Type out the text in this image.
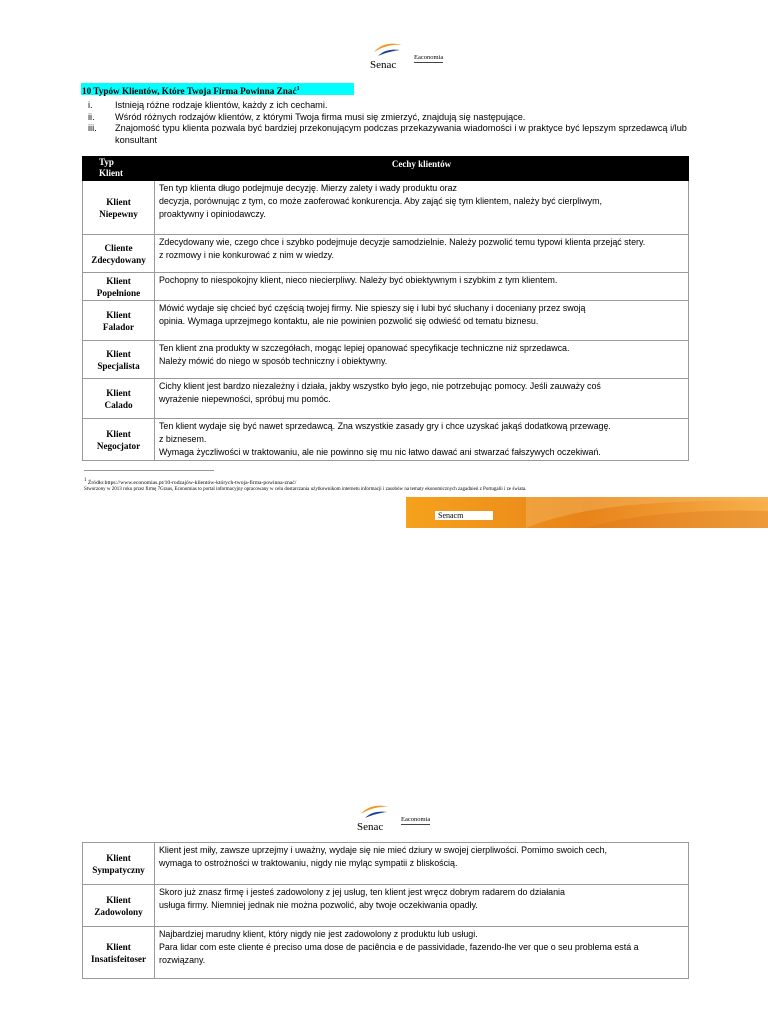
Senac
Eaconomia
10 Typów Klientów, Które Twoja Firma Powinna Znać$^1$
i. Istnieją różne rodzaje klientów, każdy z ich cechami.
ii. Wśród różnych rodzajów klientów, z którymi Twoja firma musi się zmierzyć, znajdują się następujące.
iii. Znajomość typu klienta pozwala być bardziej przekonującym podczas przekazywania wiadomości i w praktyce być lepszym sprzedawcą i/lub konsultant
Typ
Klient	Cechy klientów
Klient
Niepewny	Ten typ klienta długo podejmuje decyzję. Mierzy zalety i wady produktu oraz
decyzja, porównując z tym, co może zaoferować konkurencja. Aby zająć się tym klientem, należy być cierpliwym,
proaktywny i opiniodawczy.
Cliente
Zdecydowany	Zdecydowany wie, czego chce i szybko podejmuje decyzje samodzielnie. Należy pozwolić temu typowi klienta przejąć stery.
z rozmowy i nie konkurować z nim w wiedzy.
Klient
Popełnione	Pochopny to niespokojny klient, nieco niecierpliwy. Należy być obiektywnym i szybkim z tym klientem.
Klient
Falador	Mówić wydaje się chcieć być częścią twojej firmy. Nie spieszy się i lubi być słuchany i doceniany przez swoją
opinia. Wymaga uprzejmego kontaktu, ale nie powinien pozwolić się odwieść od tematu biznesu.
Klient
Specjalista	Ten klient zna produkty w szczegółach, mogąc lepiej opanować specyfikacje techniczne niż sprzedawca.
Należy mówić do niego w sposób techniczny i obiektywny.
Klient
Calado	Cichy klient jest bardzo niezależny i działa, jakby wszystko było jego, nie potrzebując pomocy. Jeśli zauważy coś
wyrażenie niepewności, spróbuj mu pomóc.
Klient
Negocjator	Ten klient wydaje się być nawet sprzedawcą. Zna wszystkie zasady gry i chce uzyskać jakąś dodatkową przewagę.
z biznesem.
Wymaga życzliwości w traktowaniu, ale nie powinno się mu nic łatwo dawać ani stwarzać fałszywych oczekiwań.
$^1$ Źródło:https://www.economias.pt/10-rodzajów-klientów-których-twoja-firma-powinna-znać/
Stworzony w 2013 roku przez firmę 7Graus, Economias to portal informacyjny opracowany w celu dostarczania użytkownikom internetu informacji i zasobów na tematy ekonomicznych zagadnień z Portugalii i ze świata.
Senacm
Senac
Eaconomia
Klient
Sympatyczny	Klient jest miły, zawsze uprzejmy i uważny, wydaje się nie mieć dziury w swojej cierpliwości. Pomimo swoich cech,
wymaga to ostrożności w traktowaniu, nigdy nie myląc sympatii z bliskością.
Klient
Zadowolony	Skoro już znasz firmę i jesteś zadowolony z jej usług, ten klient jest wręcz dobrym radarem do działania
usługa firmy. Niemniej jednak nie można pozwolić, aby twoje oczekiwania opadły.
Klient
Insatisfeitoser	Najbardziej marudny klient, który nigdy nie jest zadowolony z produktu lub usługi.
Para lidar com este cliente é preciso uma dose de paciência e de passividade, fazendo-lhe ver que o seu problema está a
rozwiązany.
